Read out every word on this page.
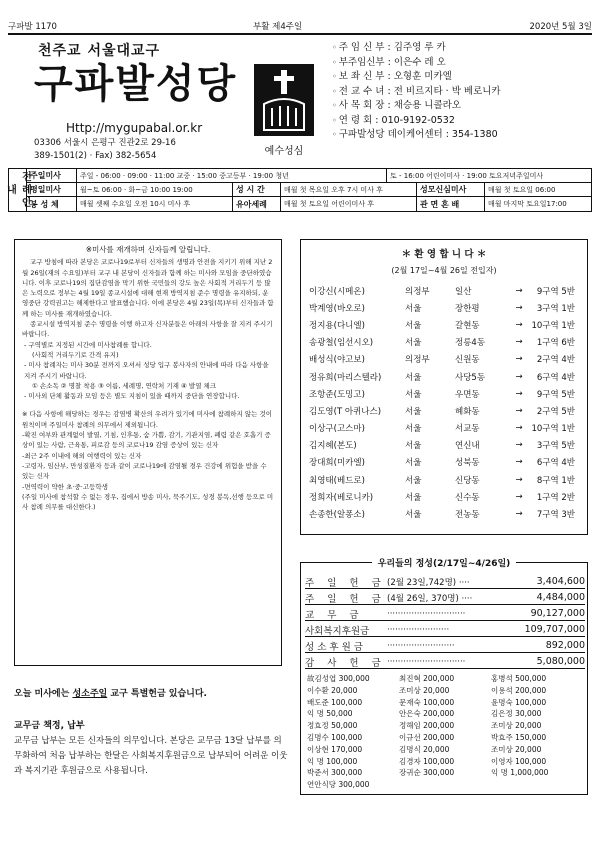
구파발 1170	부활 제4주일	2020년 5월 3일
천주교 서울대교구
구파발성당
Http://mygupabal.or.kr
03306 서울시 은평구 진관2로 29-16
389-1501(2) · Fax) 382-5654	예수성심
◦ 주 임 신 부 : 김주영 루 카
◦ 부주임신부 : 이은수 레 오
◦ 보 좌 신 부 : 오형훈 미카엘
◦ 전 교 수 녀 : 전 비르지타 · 박 베로니카
◦ 사 목 회 장 : 채승용 니콜라오
◦ 연 령 회 : 010-9192-0532
◦ 구파발성당 데이케어센터 : 354-1380
전례안내
주일미사	주일 - 06:00 · 09:00 · 11:00 교중 · 15:00 중고등부 · 19:00 청년	토 - 16:00 어린이미사 · 19:00 토요저녁주일미사
평일미사	월~토 06:00 · 화~금 10:00 19:00	성 시 간	매월 첫 목요일 오후 7시 미사 후	성모신심미사	매월 첫 토요일 06:00
봉 성 체	매월 셋째 수요일 오전 10시 미사 후	유아세례	매월 첫 토요일 어린이미사 후	관 면 혼 배	매월 마지막 토요일17:00
※미사를 재개하며 신자들께 알립니다.

교구 방침에 따라 본당은 코로나19로부터 신자들의 생명과 안전을 지키기 위해 지난 2월 26일(재의 수요일)부터 교구 내 본당이 신자들과 함께 하는 미사와 모임을 중단하였습니다. 이후 코로나19의 집단감염을 막기 위한 국민들의 강도 높은 사회적 거리두기 등 많은 노력으로 정부는 4월 19일 종교시설에 대해 현재 방역지침 준수 명령을 유지하되, 운영중단 강력권고는 해제한다고 발표했습니다. 이에 본당은 4월 23일(목)부터 신자들과 함께 하는 미사를 재개하였습니다.

종교시설 방역지침 준수 명령을 이행 하고자 신자분들은 아래의 사항을 잘 지켜 주시기 바랍니다.

- 구역별로 지정된 시간에 미사참례를 합니다.
(사회적 거리두기로 간격 유지)
- 미사 참례자는 미사 30분 전까지 오셔서 성당 입구 봉사자의 안내에 따라 다음 사항을 지켜 주시기 바랍니다.
① 손소독 ② 명찰 착용 ③ 이름, 세례명, 연락처 기재 ④ 발열 체크
- 미사외 단체 활동과 모임 등은 별도 지침이 있을 때까지 중단을 연장합니다.
※ 다음 사항에 해당하는 경우는 감염병 확산의 우려가 있기에 미사에 참례하지 않는 것이 원칙이며 주일미사 참례의 의무에서 제외됩니다.
-확진 여부와 관계없이 발열, 기침, 인후통, 숨 가쁨, 감기, 기관지염, 폐렴 같은 호흡기 증상이 있는 사람, 근육통, 피로감 등의 코로나19 감염 증상이 있는 신자
-최근 2주 이내에 해외 여행력이 있는 신자
-고령자, 임산부, 만성질환자 등과 같이 코로나19에 감염될 경우 건강에 위험을 받을 수 있는 신자
-면역력이 약한 초·중·고등학생
(주일 미사에 참석할 수 없는 경우, 집에서 방송 미사, 묵주기도, 성경 봉독,선행 등으로 미사 참례 의무를 대신한다.)
오늘 미사에는 성소주일 교구 특별헌금 있습니다.
교무금 책정, 납부
교무금 납부는 모든 신자들의 의무입니다. 본당은 교무금 13달 납부를 의무화하여 처음 납부하는 한달은 사회복지후원금으로 납부되어 어려운 이웃과 복지기관 후원금으로 사용됩니다.
＊ 환 영 합 니 다 ＊
(2월 17일~4월 26일 전입자)
이강신(시메온)	의정부	일산	→	9구역 5반
박계영(바오로)	서울	장한평	→	3구역 1반
정지용(다니엘)	서울	갈현동	→	10구역 1반
송광철(임선시오)	서울	정릉4동	→	1구역 6반
배성식(야고보)	의정부	신원동	→	2구역 4반
정유희(마리스텔라)	서울	사당5동	→	6구역 4반
조항준(도밍고)	서울	우면동	→	9구역 5반
김도영(T 아퀴나스)	서울	혜화동	→	2구역 5반
이상구(고스마)	서울	서교동	→	10구역 1반
김지혜(본도)	서울	연신내	→	3구역 5반
장대희(미카엘)	서울	성북동	→	6구역 4반
최영태(베드로)	서울	신당동	→	8구역 1반
정희자(베로니카)	서울	신수동	→	1구역 2반
손종한(알퐁소)	서울	전농동	→	7구역 3반
우리들의 정성(2/17일~4/26일)
주 일 헌 금 (2월 23일,742명) ····	3,404,600
주 일 헌 금 (4월 26일, 370명) ····	4,484,000
교 무 금	·····························	90,127,000
사회복지후원금	·······················	109,707,000
성 소 후 원 금	·························	892,000
감 사 헌 금 ·····························	5,080,000
故김성엽 300,000	최진혁 200,000	홍병석 500,000
이수환 20,000	조미상 20,000	이용석 200,000
배도준 100,000	문재숙 100,000	윤명숙 100,000
익 명 50,000	안은숙 200,000	김은정 30,000
정효정 50,000	정해임 200,000	조미상 20,000
김명수 100,000	이규선 200,000	박효주 150,000
이상현 170,000	김명식 20,000	조미상 20,000
익 명 100,000	김경자 100,000	이영자 100,000
박준서 300,000	장귀순 300,000	익 명 1,000,000
연안식당 300,000
